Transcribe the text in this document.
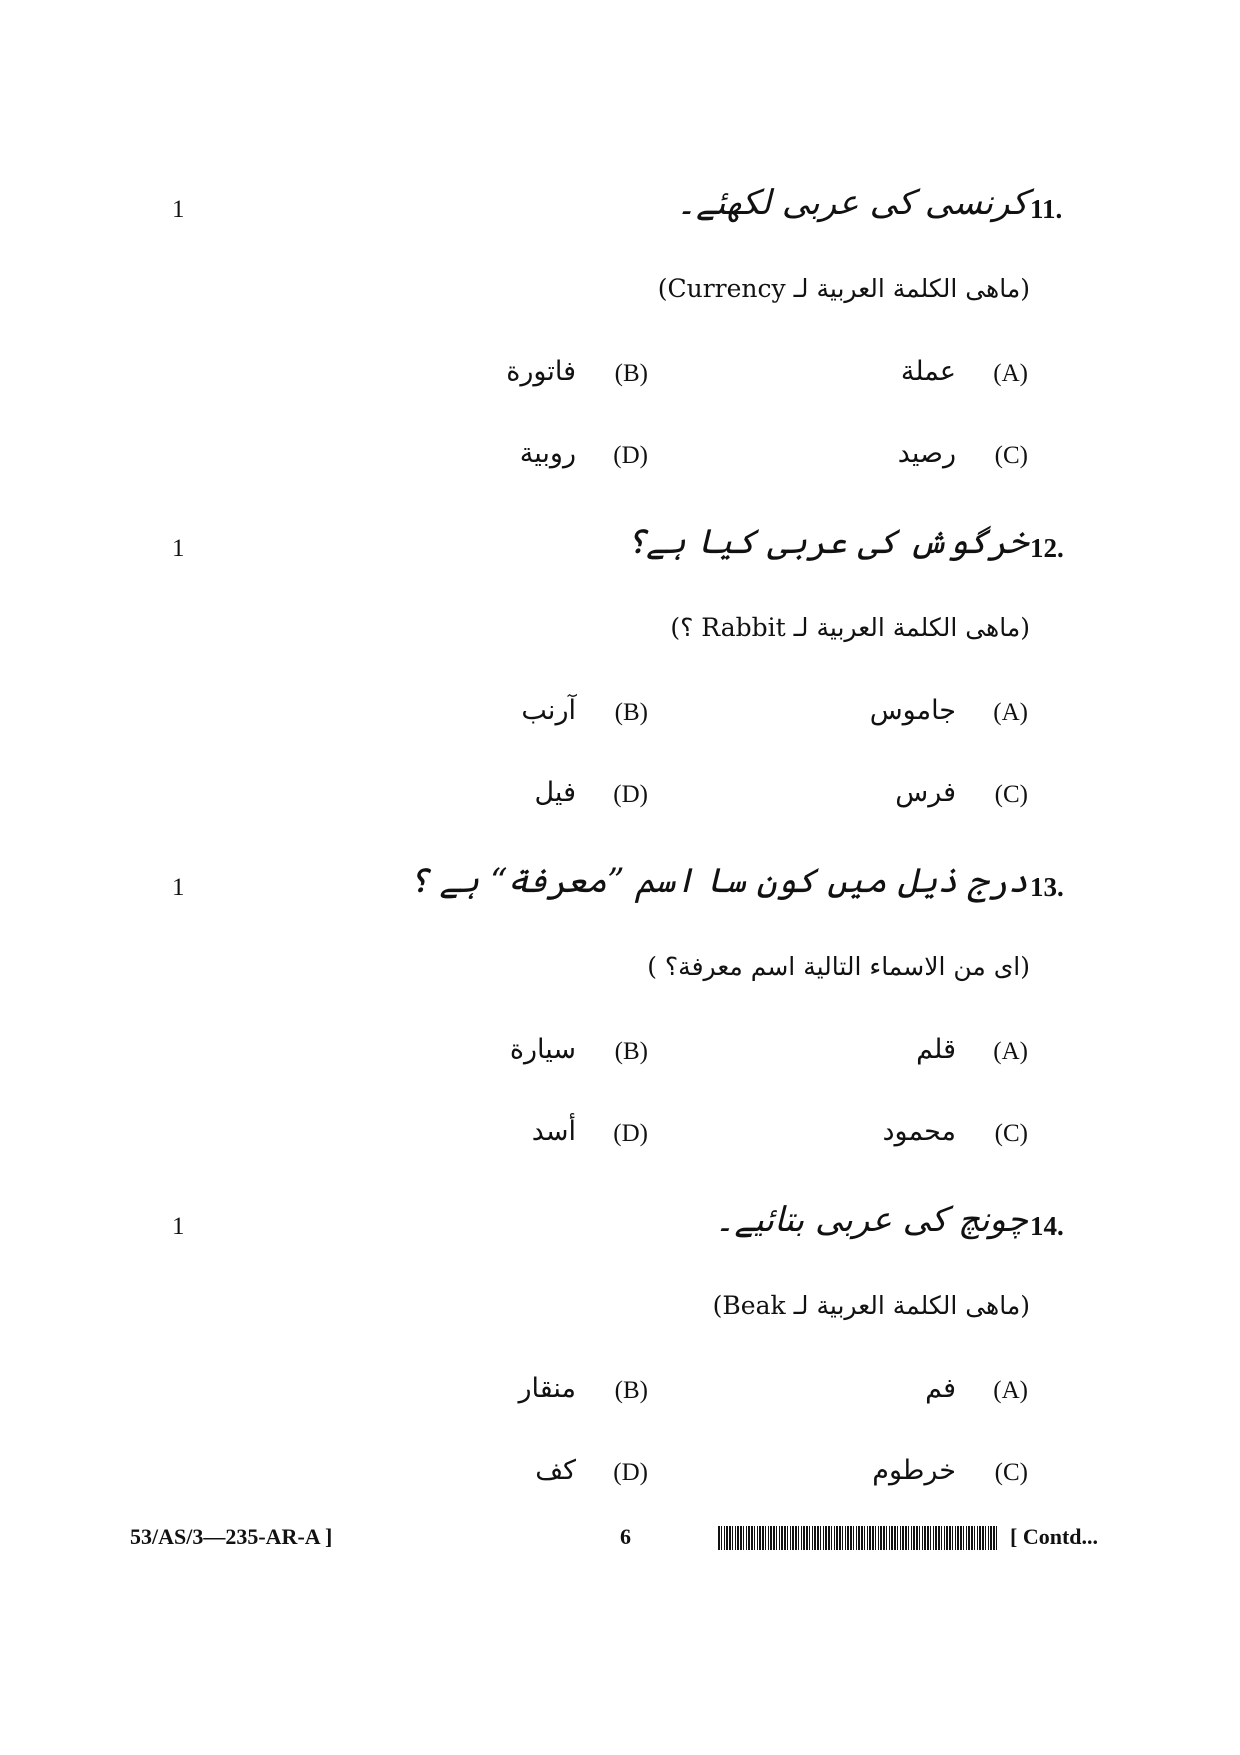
1	11.
کرنسی کی عربی لکھئے۔
(ماهى الكلمة العربية لـ Currency)
(A)
عملة
(B)
فاتورة
(C)
رصيد
(D)
روبية
1	12.
خرگوش کی عربی کیا ہے؟
(ماهى الكلمة العربية لـ Rabbit ؟)
(A)
جاموس
(B)
آرنب
(C)
فرس
(D)
فيل
1	13.
درج ذیل میں کون سا اسم ”معرفة“ ہے ؟
(اى من الاسماء التالية اسم معرفة؟ )
(A)
قلم
(B)
سيارة
(C)
محمود
(D)
أسد
1	14.
چونچ کی عربی بتائیے۔
(ماهى الكلمة العربية لـ Beak)
(A)
فم
(B)
منقار
(C)
خرطوم
(D)
كف
53/AS/3—235-AR-A ]	6	[ Contd...
